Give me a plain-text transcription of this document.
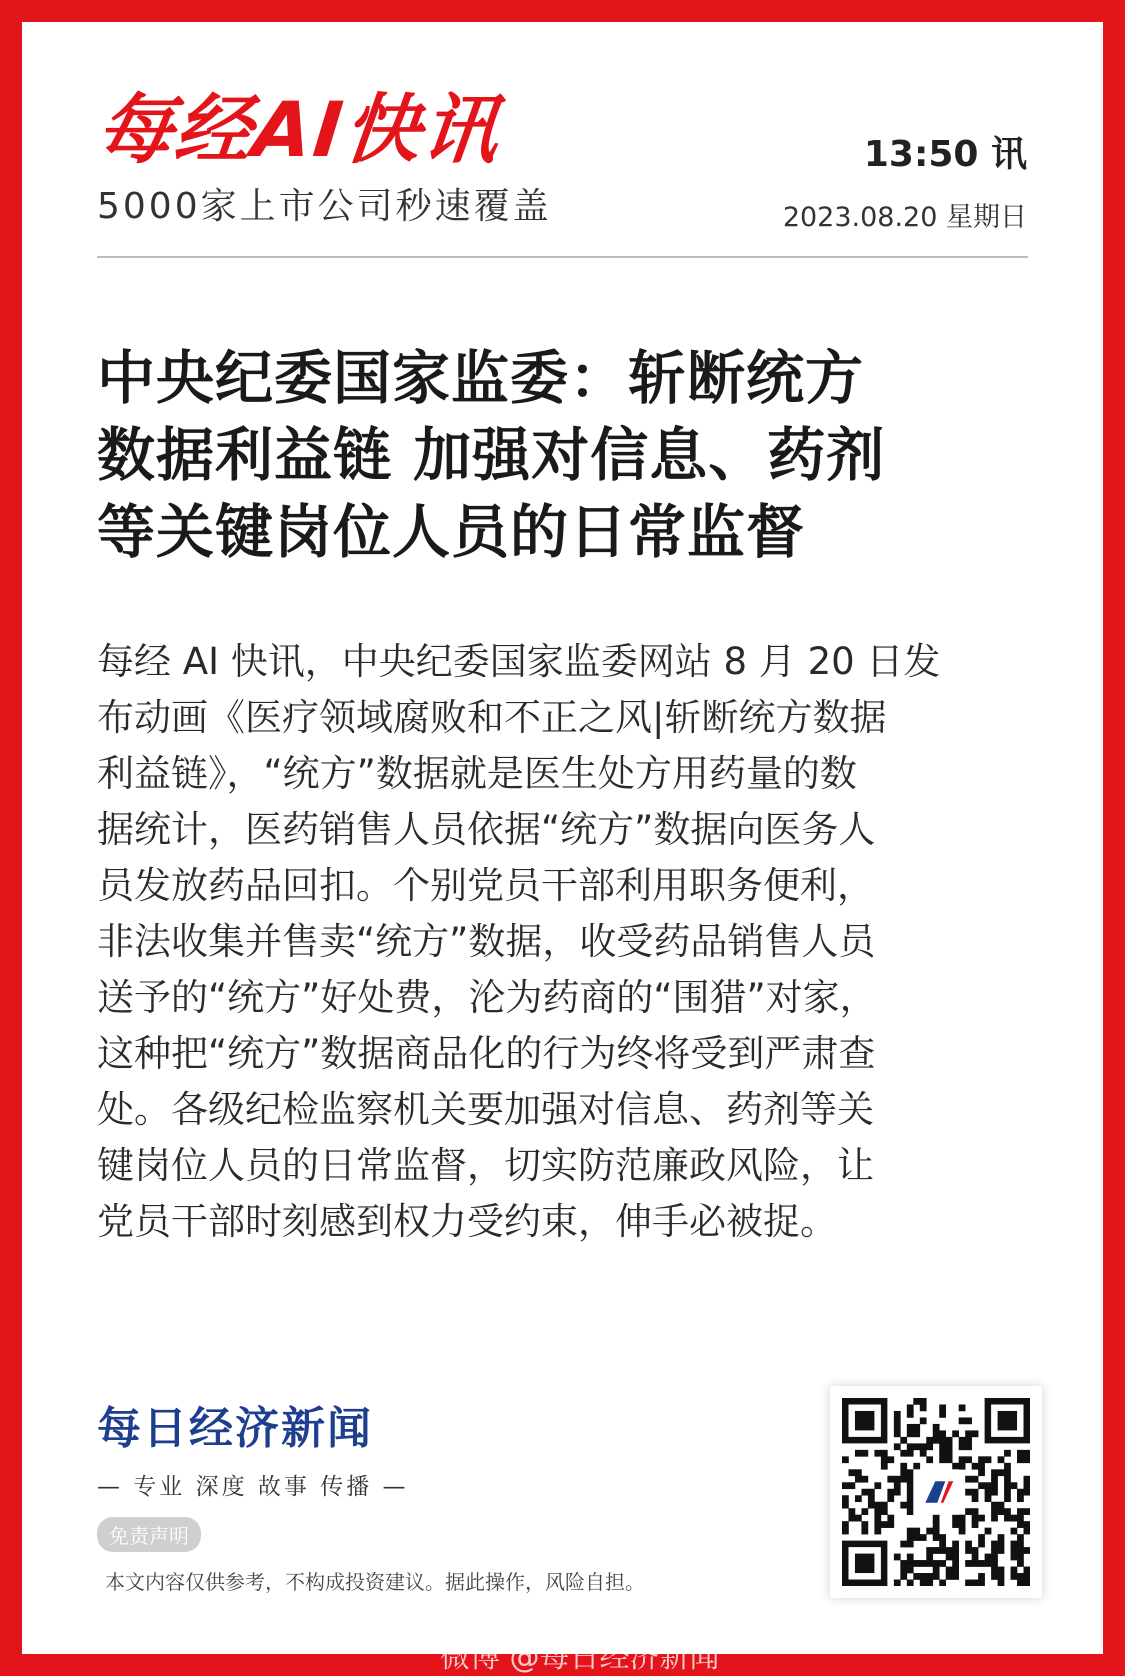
每经AI快讯
5000家上市公司秒速覆盖
13:50 讯
2023.08.20 星期日
中央纪委国家监委：斩断统方
数据利益链 加强对信息、药剂
等关键岗位人员的日常监督
每经 AI 快讯，中央纪委国家监委网站 8 月 20 日发
布动画《医疗领域腐败和不正之风|斩断统方数据
利益链》，“统方”数据就是医生处方用药量的数
据统计，医药销售人员依据“统方”数据向医务人
员发放药品回扣。个别党员干部利用职务便利，
非法收集并售卖“统方”数据，收受药品销售人员
送予的“统方”好处费，沦为药商的“围猎”对家，
这种把“统方”数据商品化的行为终将受到严肃查
处。各级纪检监察机关要加强对信息、药剂等关
键岗位人员的日常监督，切实防范廉政风险，让
党员干部时刻感到权力受约束，伸手必被捉。
每日经济新闻
— 专业 深度 故事 传播 —
免责声明
本文内容仅供参考，不构成投资建议。据此操作，风险自担。
微博 @每日经济新闻
